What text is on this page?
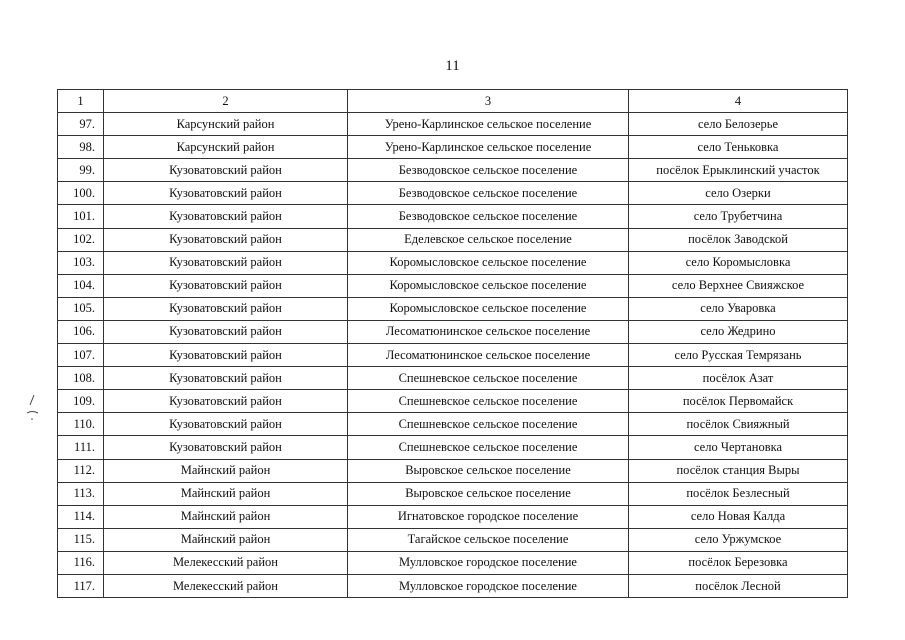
11
1	2	3	4
97.	Карсунский район	Урено-Карлинское сельское поселение	село Белозерье
98.	Карсунский район	Урено-Карлинское сельское поселение	село Теньковка
99.	Кузоватовский район	Безводовское сельское поселение	посёлок Ерыклинский участок
100.	Кузоватовский район	Безводовское сельское поселение	село Озерки
101.	Кузоватовский район	Безводовское сельское поселение	село Трубетчина
102.	Кузоватовский район	Еделевское сельское поселение	посёлок Заводской
103.	Кузоватовский район	Коромысловское сельское поселение	село Коромысловка
104.	Кузоватовский район	Коромысловское сельское поселение	село Верхнее Свияжское
105.	Кузоватовский район	Коромысловское сельское поселение	село Уваровка
106.	Кузоватовский район	Лесоматюнинское сельское поселение	село Жедрино
107.	Кузоватовский район	Лесоматюнинское сельское поселение	село Русская Темрязань
108.	Кузоватовский район	Спешневское сельское поселение	посёлок Азат
109.	Кузоватовский район	Спешневское сельское поселение	посёлок Первомайск
110.	Кузоватовский район	Спешневское сельское поселение	посёлок Свияжный
111.	Кузоватовский район	Спешневское сельское поселение	село Чертановка
112.	Майнский район	Выровское сельское поселение	посёлок станция Выры
113.	Майнский район	Выровское сельское поселение	посёлок Безлесный
114.	Майнский район	Игнатовское городское поселение	село Новая Калда
115.	Майнский район	Тагайское сельское поселение	село Уржумское
116.	Мелекесский район	Мулловское городское поселение	посёлок Березовка
117.	Мелекесский район	Мулловское городское поселение	посёлок Лесной
